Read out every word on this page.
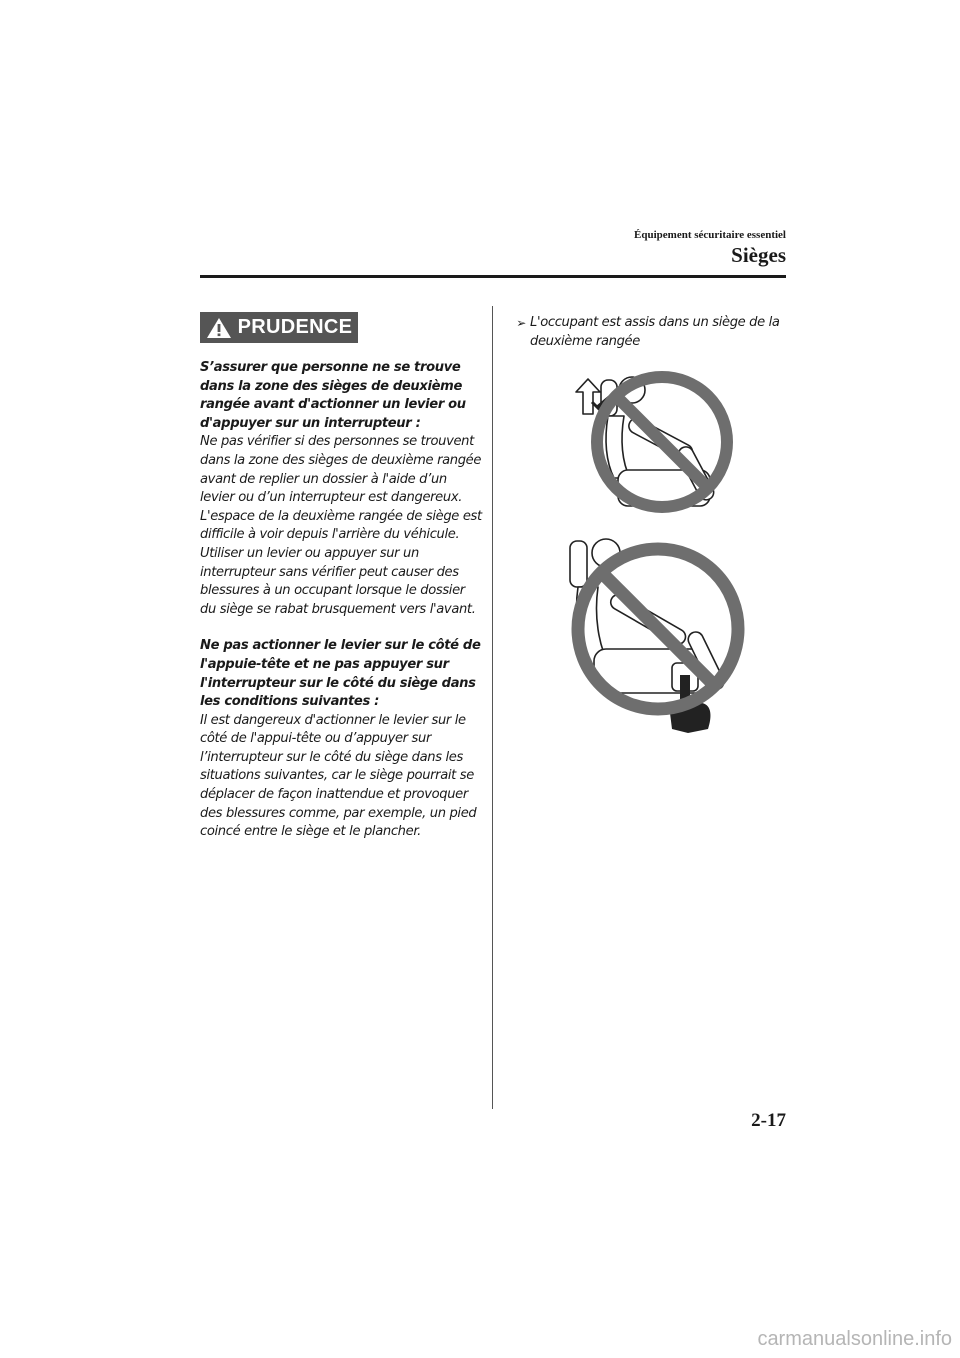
Équipement sécuritaire essentiel
Sièges
PRUDENCE

S’assurer que personne ne se trouve dans la zone des sièges de deuxième rangée avant d'actionner un levier ou d'appuyer sur un interrupteur :

Ne pas vérifier si des personnes se trouvent dans la zone des sièges de deuxième rangée avant de replier un dossier à l'aide d’un levier ou d’un interrupteur est dangereux. L'espace de la deuxième rangée de siège est difficile à voir depuis l'arrière du véhicule. Utiliser un levier ou appuyer sur un interrupteur sans vérifier peut causer des blessures à un occupant lorsque le dossier du siège se rabat brusquement vers l'avant.

Ne pas actionner le levier sur le côté de l'appuie-tête et ne pas appuyer sur l'interrupteur sur le côté du siège dans les conditions suivantes :

Il est dangereux d'actionner le levier sur le côté de l'appui-tête ou d’appuyer sur l’interrupteur sur le côté du siège dans les situations suivantes, car le siège pourrait se déplacer de façon inattendue et provoquer des blessures comme, par exemple, un pied coincé entre le siège et le plancher.

➢ L'occupant est assis dans un siège de la deuxième rangée
2-17
carmanualsonline.info
